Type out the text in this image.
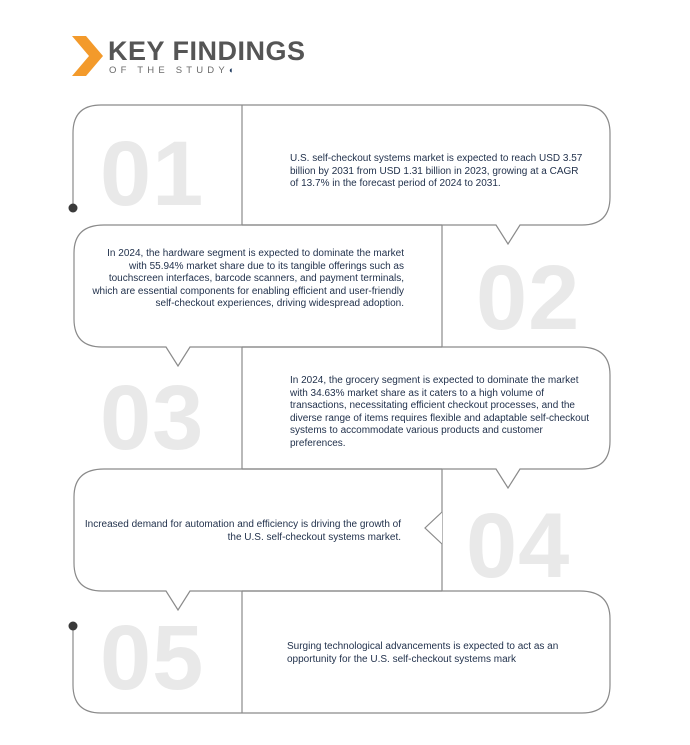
KEY FINDINGS
OF THE STUDY◐
01	U.S. self-checkout systems market is expected to reach USD 3.57 billion by 2031 from USD 1.31 billion in 2023, growing at a CAGR of 13.7% in the forecast period of 2024 to 2031.
In 2024, the hardware segment is expected to dominate the market with 55.94% market share due to its tangible offerings such as touchscreen interfaces, barcode scanners, and payment terminals, which are essential components for enabling efficient and user-friendly self-checkout experiences, driving widespread adoption. 02
03	In 2024, the grocery segment is expected to dominate the market with 34.63% market share as it caters to a high volume of transactions, necessitating efficient checkout processes, and the diverse range of items requires flexible and adaptable self-checkout systems to accommodate various products and customer preferences.
Increased demand for automation and efficiency is driving the growth of the U.S. self-checkout systems market. 04
05	Surging technological advancements is expected to act as an opportunity for the U.S. self-checkout systems mark
